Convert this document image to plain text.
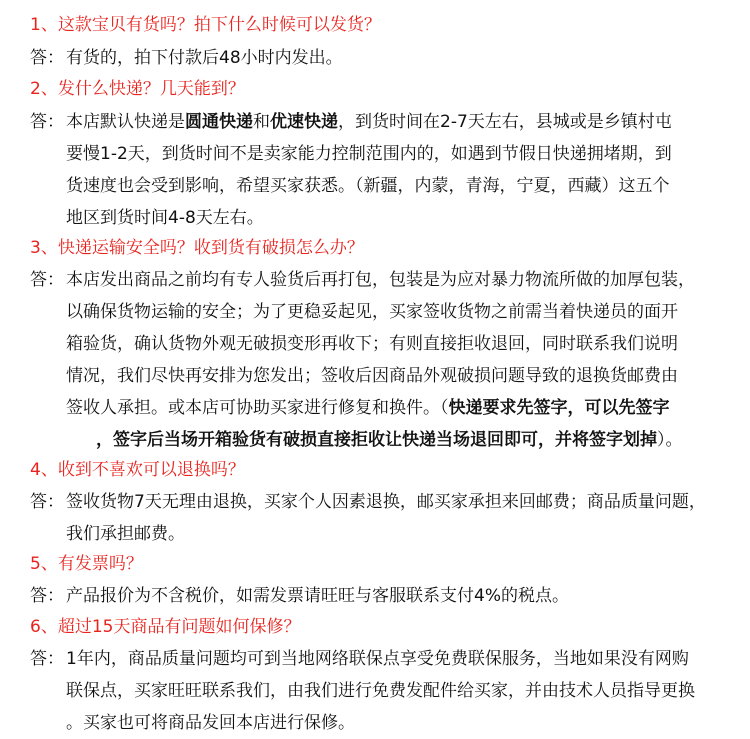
1、这款宝贝有货吗？拍下什么时候可以发货？
答： 有货的，拍下付款后48小时内发出。
2、发什么快递？几天能到？
答： 本店默认快递是圆通快递和优速快递，到货时间在2-7天左右，县城或是乡镇村屯
要慢1-2天，到货时间不是卖家能力控制范围内的，如遇到节假日快递拥堵期，到
货速度也会受到影响，希望买家获悉。（新疆，内蒙，青海，宁夏，西藏）这五个
地区到货时间4-8天左右。
3、快递运输安全吗？收到货有破损怎么办？
答： 本店发出商品之前均有专人验货后再打包，包装是为应对暴力物流所做的加厚包装，
以确保货物运输的安全；为了更稳妥起见，买家签收货物之前需当着快递员的面开
箱验货，确认货物外观无破损变形再收下；有则直接拒收退回，同时联系我们说明
情况，我们尽快再安排为您发出；签收后因商品外观破损问题导致的退换货邮费由
签收人承担。或本店可协助买家进行修复和换件。（快递要求先签字，可以先签字
，签字后当场开箱验货有破损直接拒收让快递当场退回即可，并将签字划掉）。
4、收到不喜欢可以退换吗？
答： 签收货物7天无理由退换，买家个人因素退换，邮买家承担来回邮费；商品质量问题，
我们承担邮费。
5、有发票吗？
答： 产品报价为不含税价，如需发票请旺旺与客服联系支付4%的税点。
6、超过15天商品有问题如何保修？
答： 1年内，商品质量问题均可到当地网络联保点享受免费联保服务，当地如果没有网购
联保点，买家旺旺联系我们，由我们进行免费发配件给买家，并由技术人员指导更换
。买家也可将商品发回本店进行保修。
